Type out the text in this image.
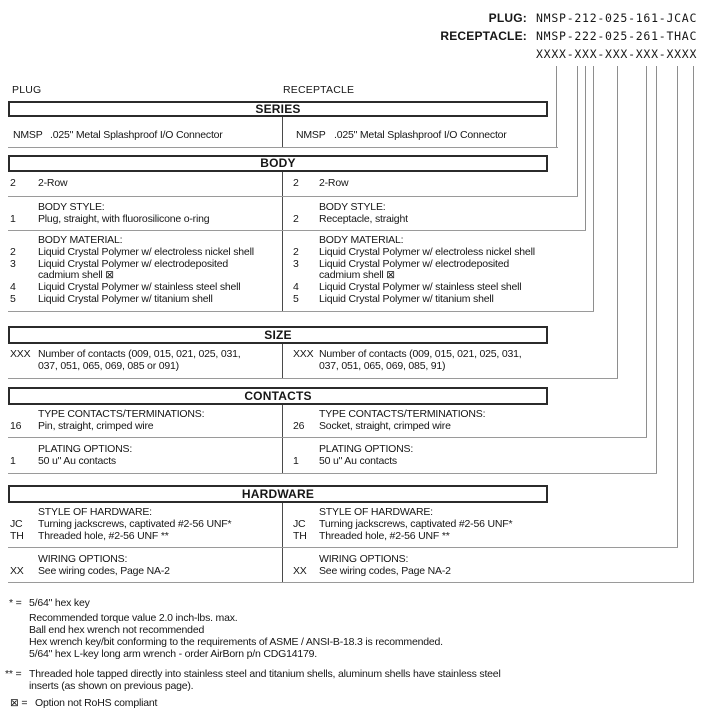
PLUG: NMSP-212-025-161-JCAC
RECEPTACLE: NMSP-222-025-261-THAC
XXXX-XXX-XXX-XXX-XXXX
PLUG	RECEPTACLE
SERIES
NMSP .025" Metal Splashproof I/O Connector	NMSP .025" Metal Splashproof I/O Connector
BODY
2	2-Row	2	2-Row
BODY STYLE:
1	Plug, straight, with fluorosilicone o-ring
BODY STYLE:
2	Receptacle, straight
BODY MATERIAL:
2	Liquid Crystal Polymer w/ electroless nickel shell
3	Liquid Crystal Polymer w/ electrodeposited
cadmium shell ⊠
4	Liquid Crystal Polymer w/ stainless steel shell
5	Liquid Crystal Polymer w/ titanium shell
BODY MATERIAL:
2	Liquid Crystal Polymer w/ electroless nickel shell
3	Liquid Crystal Polymer w/ electrodeposited
cadmium shell ⊠
4	Liquid Crystal Polymer w/ stainless steel shell
5	Liquid Crystal Polymer w/ titanium shell
SIZE
XXX Number of contacts (009, 015, 021, 025, 031,
037, 051, 065, 069, 085 or 091)
XXX Number of contacts (009, 015, 021, 025, 031,
037, 051, 065, 069, 085, 91)
CONTACTS
TYPE CONTACTS/TERMINATIONS:
16	Pin, straight, crimped wire
TYPE CONTACTS/TERMINATIONS:
26	Socket, straight, crimped wire
PLATING OPTIONS:
1	50 u" Au contacts
PLATING OPTIONS:
1	50 u" Au contacts
HARDWARE
STYLE OF HARDWARE:
JC	Turning jackscrews, captivated #2-56 UNF*
TH	Threaded hole, #2-56 UNF **
STYLE OF HARDWARE:
JC	Turning jackscrews, captivated #2-56 UNF*
TH	Threaded hole, #2-56 UNF **
WIRING OPTIONS:
XX	See wiring codes, Page NA-2
WIRING OPTIONS:
XX	See wiring codes, Page NA-2
* = 5/64" hex key
Recommended torque value 2.0 inch-lbs. max.
Ball end hex wrench not recommended
Hex wrench key/bit conforming to the requirements of ASME / ANSI-B-18.3 is recommended.
5/64" hex L-key long arm wrench - order AirBorn p/n CDG14179.
** = Threaded hole tapped directly into stainless steel and titanium shells, aluminum shells have stainless steel
inserts (as shown on previous page).
⊠ = Option not RoHS compliant
